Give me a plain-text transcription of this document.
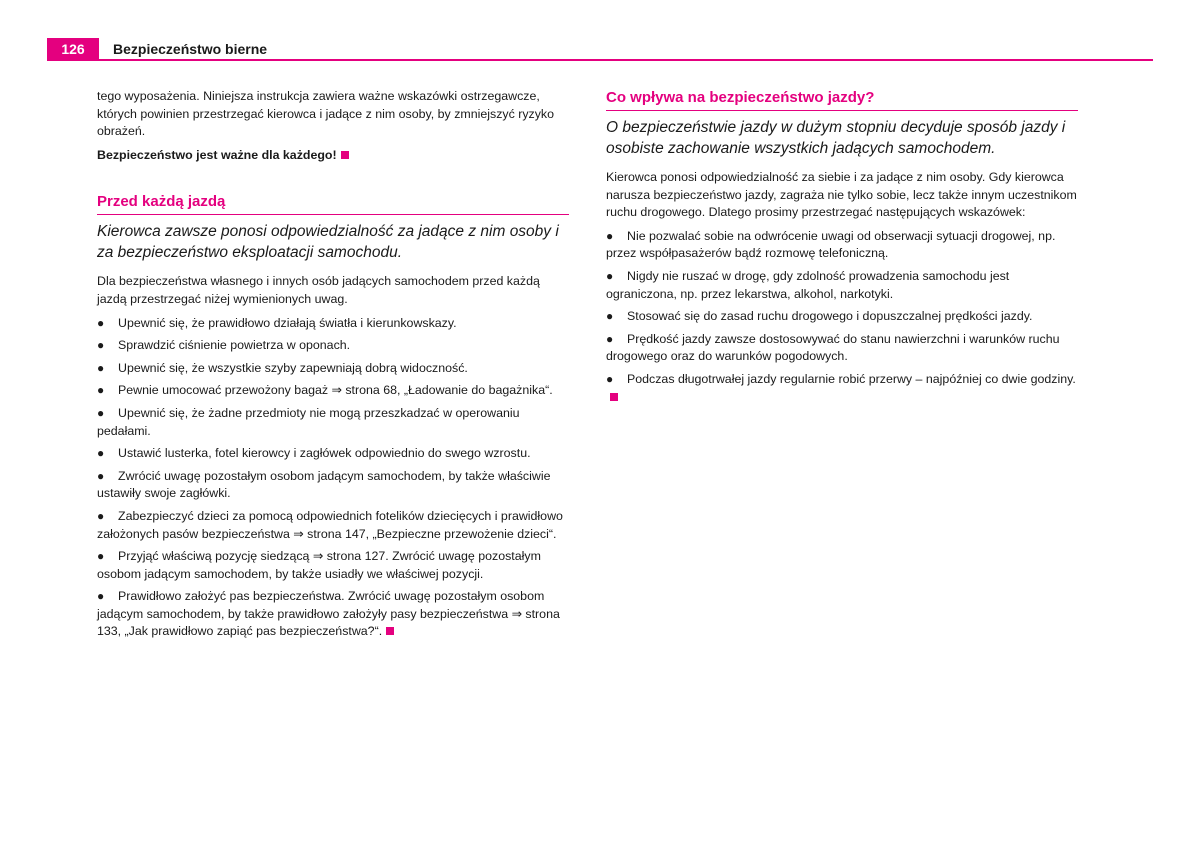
126	Bezpieczeństwo bierne

tego wyposażenia. Niniejsza instrukcja zawiera ważne wskazówki ostrzegawcze, których powinien przestrzegać kierowca i jadące z nim osoby, by zmniejszyć ryzyko obrażeń.

Bezpieczeństwo jest ważne dla każdego!

Przed każdą jazdą
Kierowca zawsze ponosi odpowiedzialność za jadące z nim osoby i za bezpieczeństwo eksploatacji samochodu.

Dla bezpieczeństwa własnego i innych osób jadących samochodem przed każdą jazdą przestrzegać niżej wymienionych uwag.

● Upewnić się, że prawidłowo działają światła i kierunkowskazy.

● Sprawdzić ciśnienie powietrza w oponach.

● Upewnić się, że wszystkie szyby zapewniają dobrą widoczność.

● Pewnie umocować przewożony bagaż ⇒ strona 68, „Ładowanie do bagażnika“.

● Upewnić się, że żadne przedmioty nie mogą przeszkadzać w operowaniu pedałami.

● Ustawić lusterka, fotel kierowcy i zagłówek odpowiednio do swego wzrostu.

● Zwrócić uwagę pozostałym osobom jadącym samochodem, by także właściwie ustawiły swoje zagłówki.

● Zabezpieczyć dzieci za pomocą odpowiednich fotelików dziecięcych i prawidłowo założonych pasów bezpieczeństwa ⇒ strona 147, „Bezpieczne przewożenie dzieci“.

● Przyjąć właściwą pozycję siedzącą ⇒ strona 127. Zwrócić uwagę pozostałym osobom jadącym samochodem, by także usiadły we właściwej pozycji.

● Prawidłowo założyć pas bezpieczeństwa. Zwrócić uwagę pozostałym osobom jadącym samochodem, by także prawidłowo założyły pasy bezpieczeństwa ⇒ strona 133, „Jak prawidłowo zapiąć pas bezpieczeństwa?“.

Co wpływa na bezpieczeństwo jazdy?
O bezpieczeństwie jazdy w dużym stopniu decyduje sposób jazdy i osobiste zachowanie wszystkich jadących samochodem.

Kierowca ponosi odpowiedzialność za siebie i za jadące z nim osoby. Gdy kierowca narusza bezpieczeństwo jazdy, zagraża nie tylko sobie, lecz także innym uczestnikom ruchu drogowego. Dlatego prosimy przestrzegać następujących wskazówek:

● Nie pozwalać sobie na odwrócenie uwagi od obserwacji sytuacji drogowej, np. przez współpasażerów bądź rozmowę telefoniczną.

● Nigdy nie ruszać w drogę, gdy zdolność prowadzenia samochodu jest ograniczona, np. przez lekarstwa, alkohol, narkotyki.

● Stosować się do zasad ruchu drogowego i dopuszczalnej prędkości jazdy.

● Prędkość jazdy zawsze dostosowywać do stanu nawierzchni i warunków ruchu drogowego oraz do warunków pogodowych.

● Podczas długotrwałej jazdy regularnie robić przerwy – najpóźniej co dwie godziny.
